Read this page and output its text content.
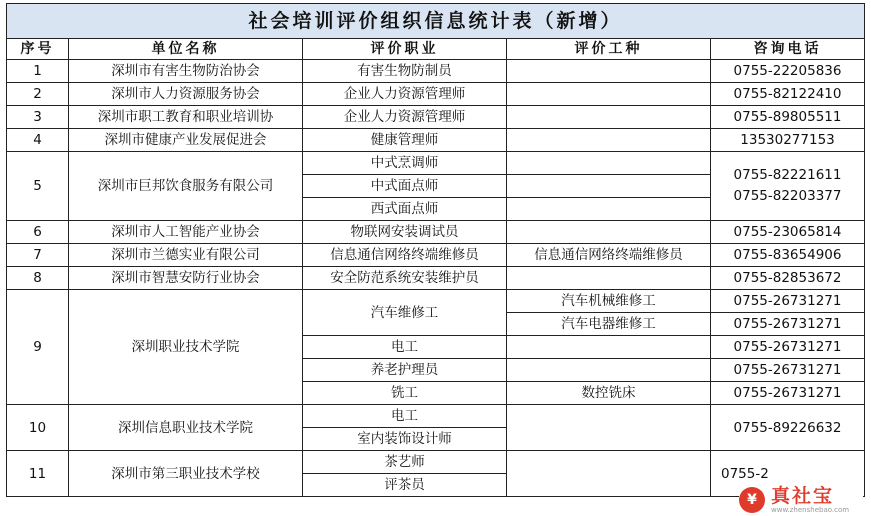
社会培训评价组织信息统计表（新增）				
序号	单位名称	评价职业	评价工种	咨询电话
1	深圳市有害生物防治协会	有害生物防制员		0755-22205836
2	深圳市人力资源服务协会	企业人力资源管理师		0755-82122410
3	深圳市职工教育和职业培训协	企业人力资源管理师		0755-89805511
4	深圳市健康产业发展促进会	健康管理师		13530277153
5	深圳市巨邦饮食服务有限公司	中式烹调师		0755-82221611 0755-82203377
		中式面点师		
		西式面点师		
6	深圳市人工智能产业协会	物联网安装调试员		0755-23065814
7	深圳市兰德实业有限公司	信息通信网络终端维修员	信息通信网络终端维修员	0755-83654906
8	深圳市智慧安防行业协会	安全防范系统安装维护员		0755-82853672
9	深圳职业技术学院	汽车维修工	汽车机械维修工	0755-26731271
			汽车电器维修工	0755-26731271
		电工		0755-26731271
		养老护理员		0755-26731271
		铣工	数控铣床	0755-26731271
10	深圳信息职业技术学院	电工		0755-89226632
		室内装饰设计师		
11	深圳市第三职业技术学校	茶艺师		0755-2
		评茶员		
¥ 真社宝
www.zhenshebao.com
